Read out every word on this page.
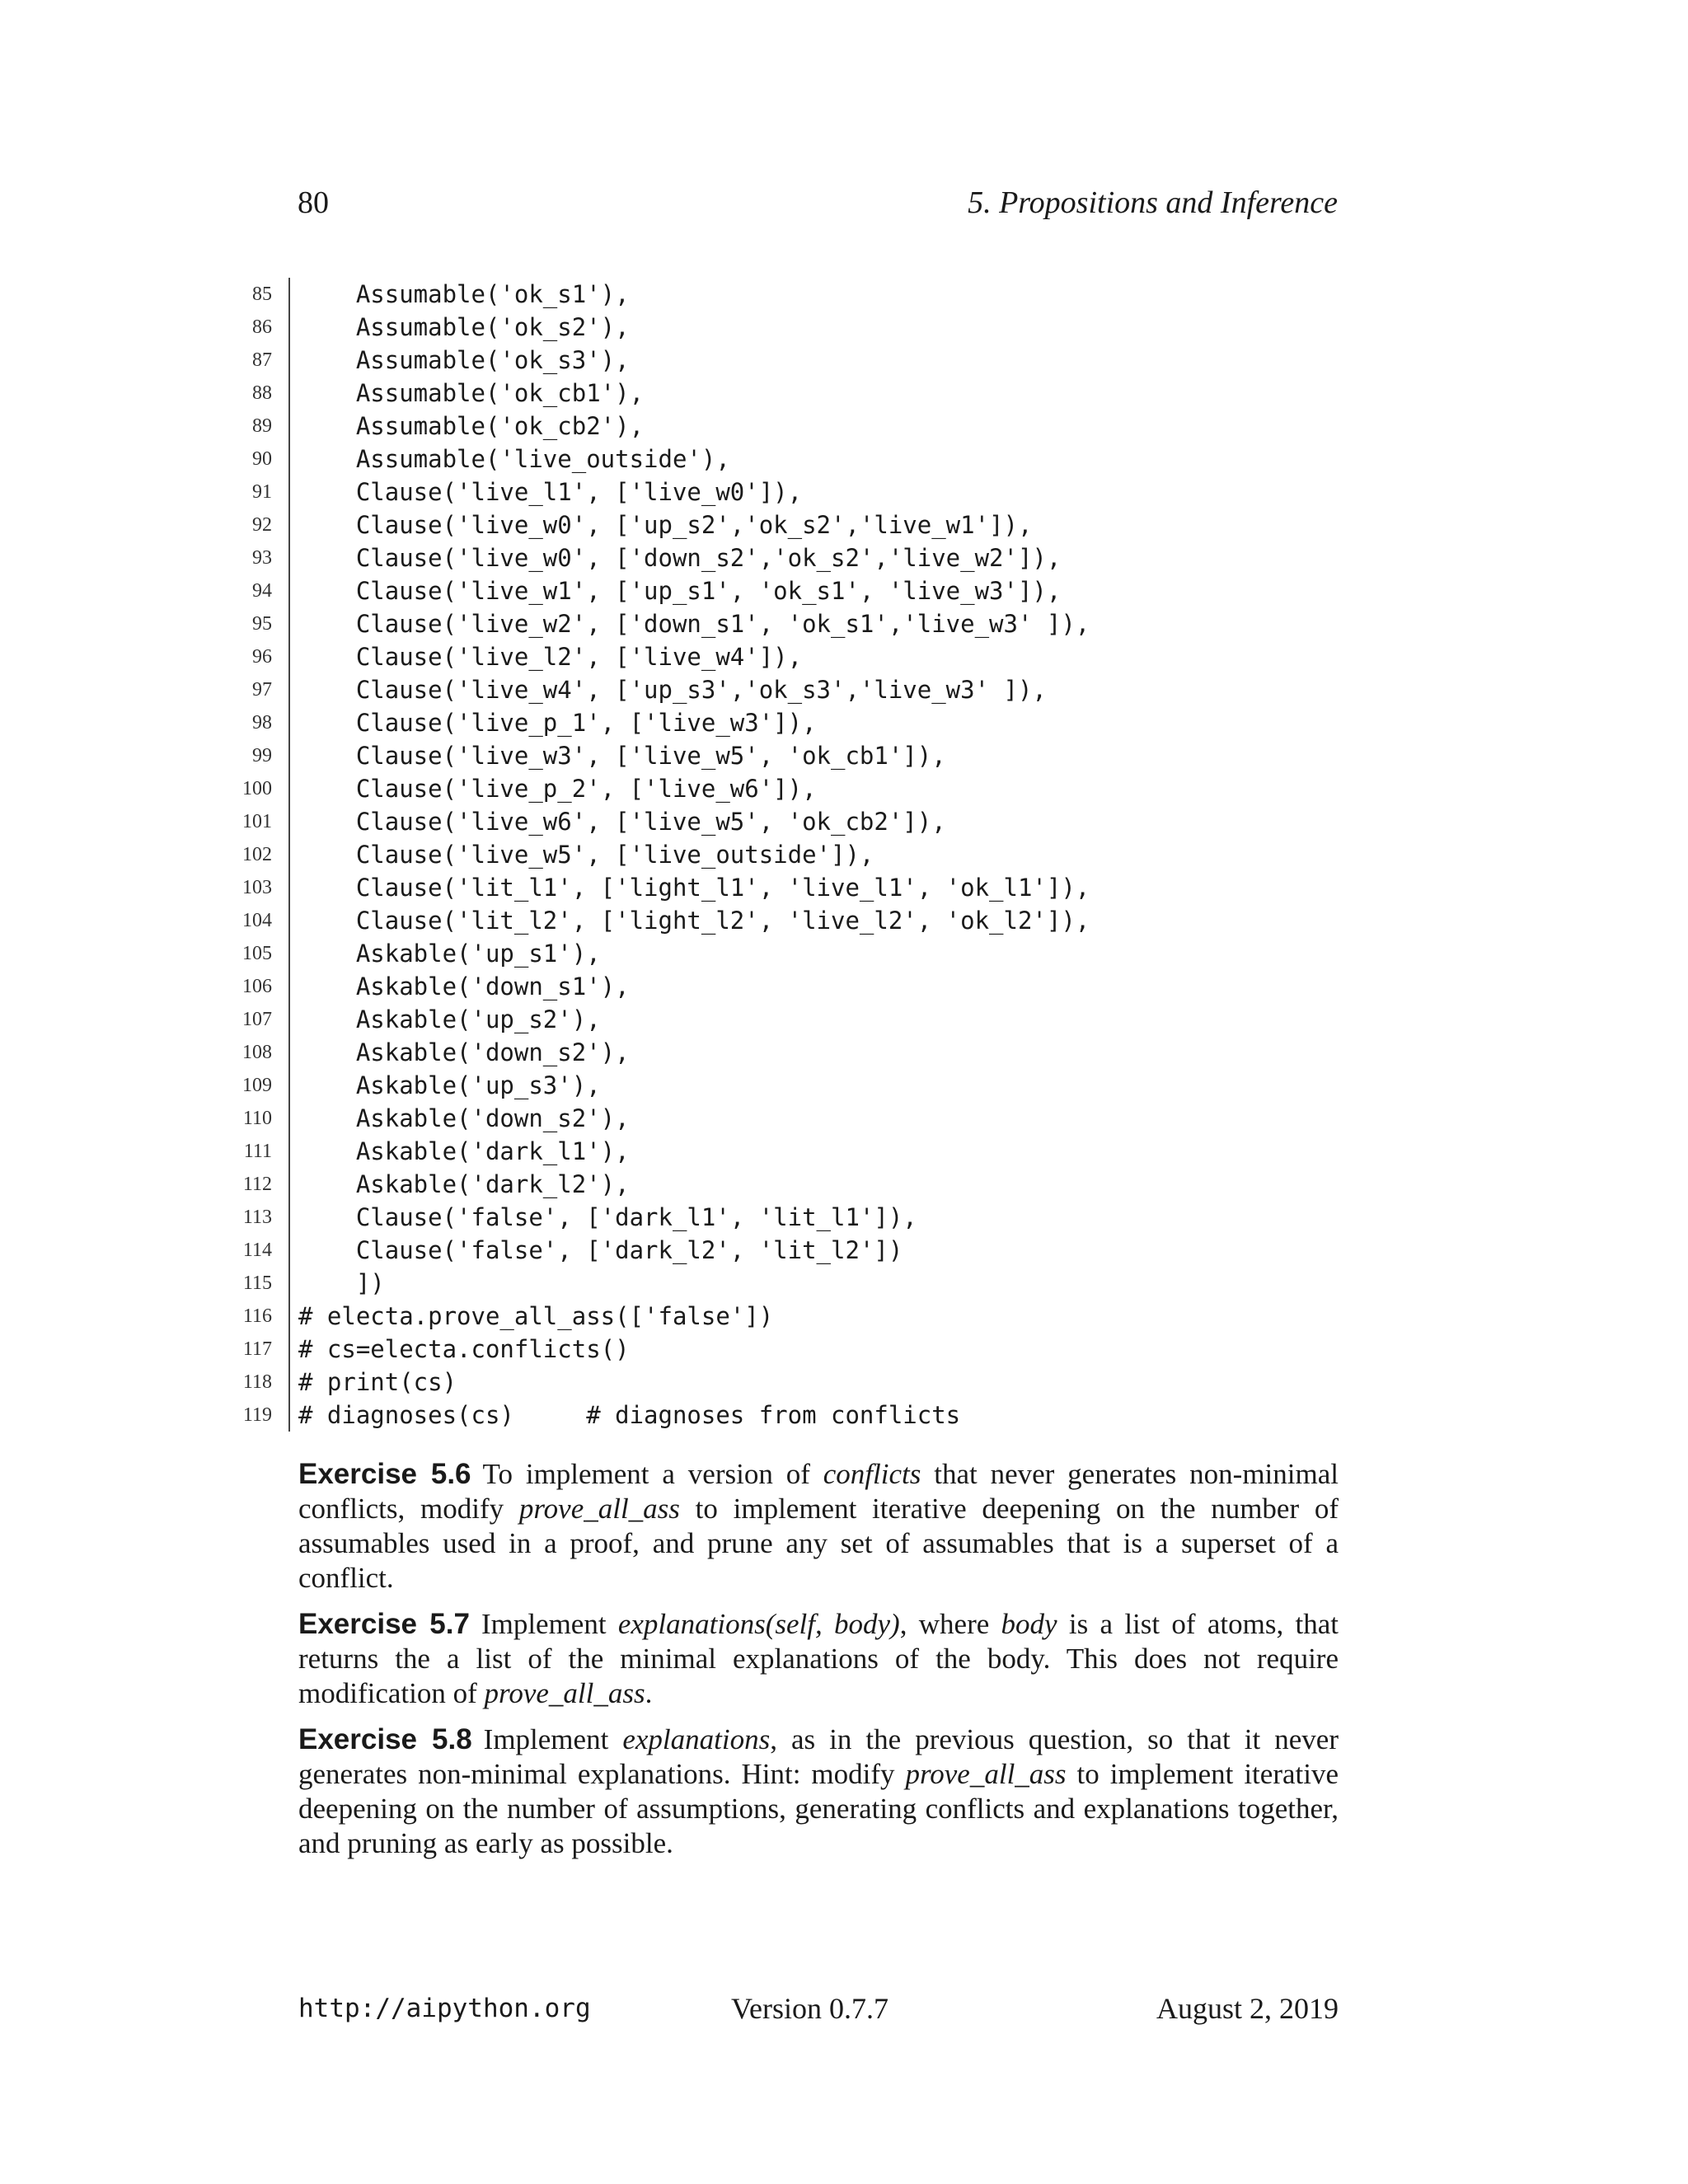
80	5. Propositions and Inference
85 Assumable('ok_s1'),
86 Assumable('ok_s2'),
87 Assumable('ok_s3'),
88 Assumable('ok_cb1'),
89 Assumable('ok_cb2'),
90 Assumable('live_outside'),
91 Clause('live_l1', ['live_w0']),
92 Clause('live_w0', ['up_s2','ok_s2','live_w1']),
93 Clause('live_w0', ['down_s2','ok_s2','live_w2']),
94 Clause('live_w1', ['up_s1', 'ok_s1', 'live_w3']),
95 Clause('live_w2', ['down_s1', 'ok_s1','live_w3' ]),
96 Clause('live_l2', ['live_w4']),
97 Clause('live_w4', ['up_s3','ok_s3','live_w3' ]),
98 Clause('live_p_1', ['live_w3']),
99 Clause('live_w3', ['live_w5', 'ok_cb1']),
100 Clause('live_p_2', ['live_w6']),
101 Clause('live_w6', ['live_w5', 'ok_cb2']),
102 Clause('live_w5', ['live_outside']),
103 Clause('lit_l1', ['light_l1', 'live_l1', 'ok_l1']),
104 Clause('lit_l2', ['light_l2', 'live_l2', 'ok_l2']),
105 Askable('up_s1'),
106 Askable('down_s1'),
107 Askable('up_s2'),
108 Askable('down_s2'),
109 Askable('up_s3'),
110 Askable('down_s2'),
111 Askable('dark_l1'),
112 Askable('dark_l2'),
113 Clause('false', ['dark_l1', 'lit_l1']),
114 Clause('false', ['dark_l2', 'lit_l2'])
115 ])
116 # electa.prove_all_ass(['false'])
117 # cs=electa.conflicts()
118 # print(cs)
119 # diagnoses(cs)     # diagnoses from conflicts

Exercise 5.6 To implement a version of conflicts that never generates non-minimal conflicts, modify prove_all_ass to implement iterative deepening on the number of assumables used in a proof, and prune any set of assumables that is a superset of a conflict.

Exercise 5.7 Implement explanations(self, body), where body is a list of atoms, that returns the a list of the minimal explanations of the body. This does not require modification of prove_all_ass.

Exercise 5.8 Implement explanations, as in the previous question, so that it never generates non-minimal explanations. Hint: modify prove_all_ass to implement iterative deepening on the number of assumptions, generating conflicts and explanations together, and pruning as early as possible.

http://aipython.org	Version 0.7.7	August 2, 2019
